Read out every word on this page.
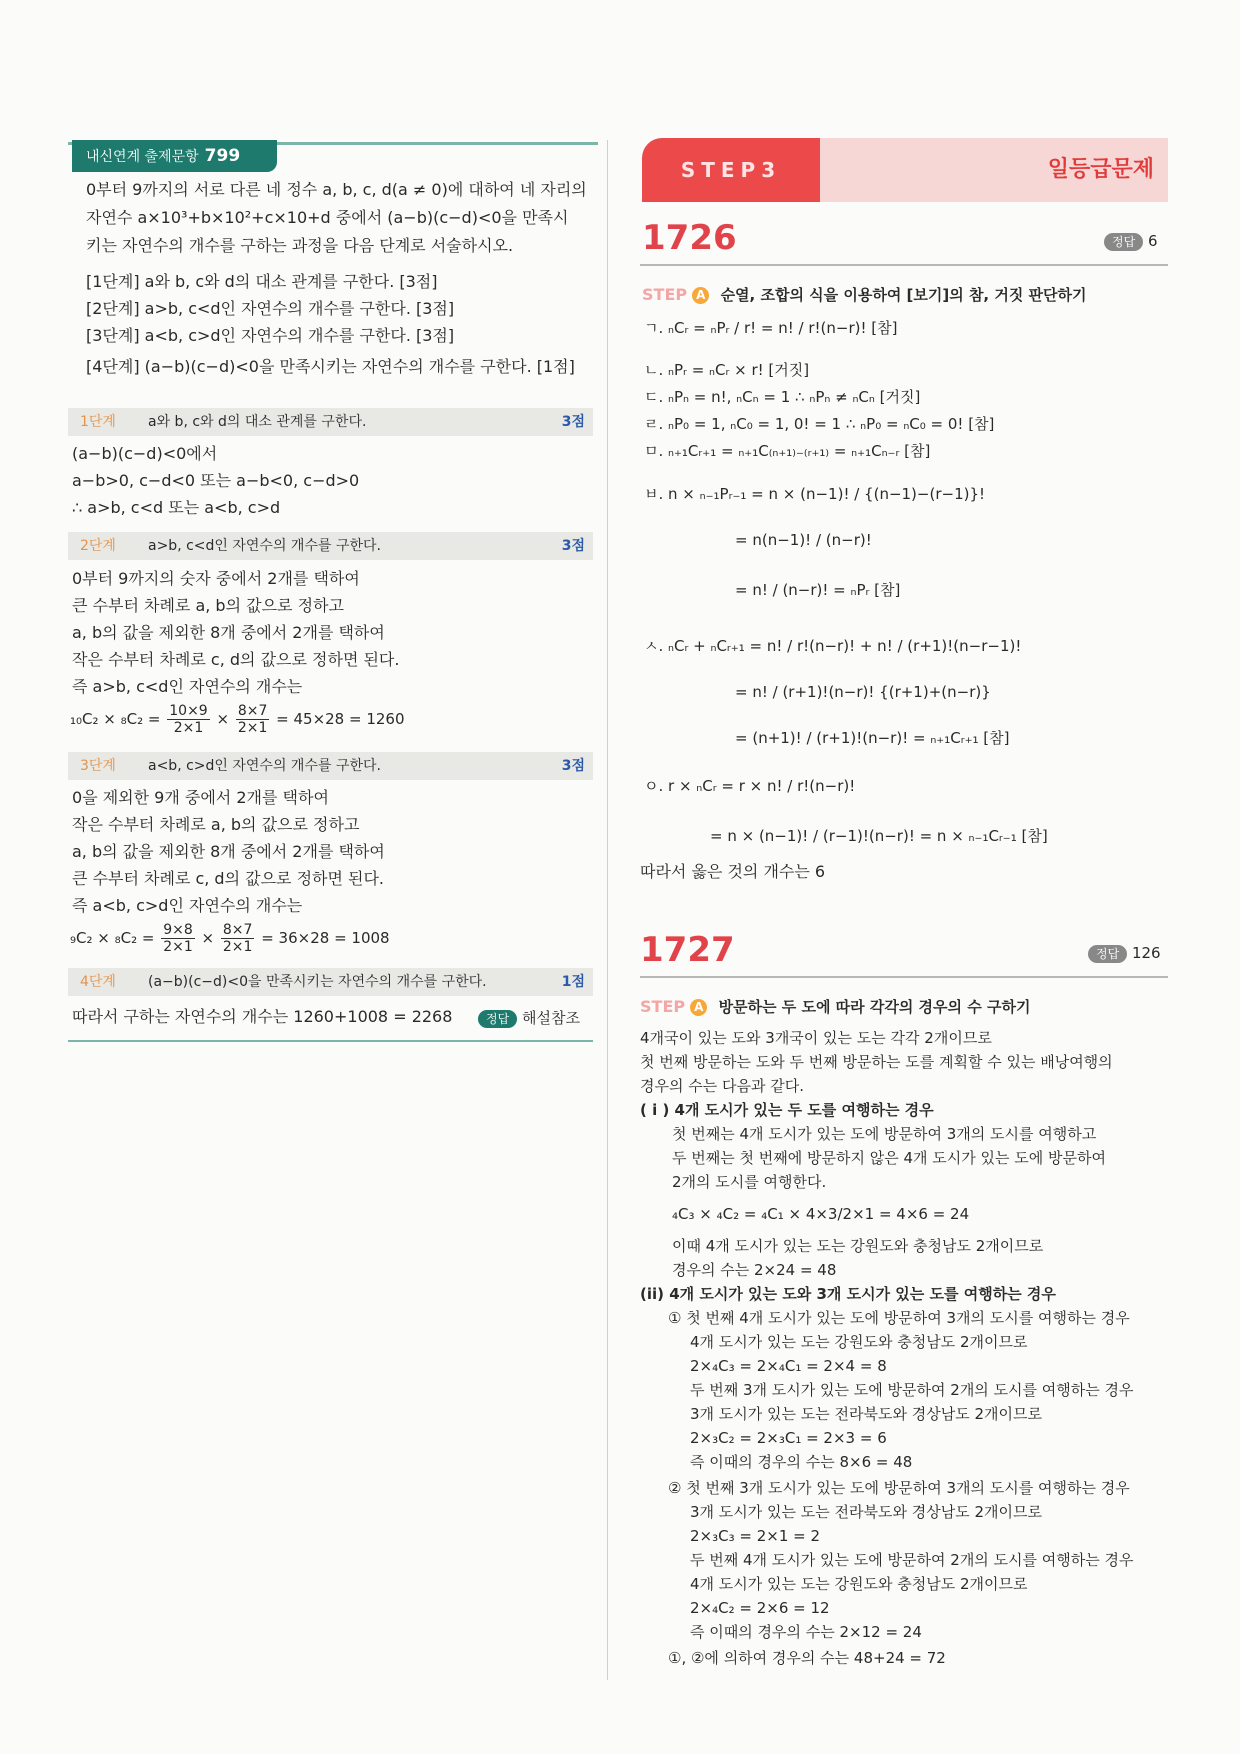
내신연계 출제문항 799
0부터 9까지의 서로 다른 네 정수 a, b, c, d(a ≠ 0)에 대하여 네 자리의
자연수 a×10³+b×10²+c×10+d 중에서 (a−b)(c−d)<0을 만족시
키는 자연수의 개수를 구하는 과정을 다음 단계로 서술하시오.
[1단계] a와 b, c와 d의 대소 관계를 구한다. [3점]
[2단계] a>b, c<d인 자연수의 개수를 구한다. [3점]
[3단계] a<b, c>d인 자연수의 개수를 구한다. [3점]
[4단계] (a−b)(c−d)<0을 만족시키는 자연수의 개수를 구한다. [1점]
1단계 a와 b, c와 d의 대소 관계를 구한다.	3점
(a−b)(c−d)<0에서
a−b>0, c−d<0 또는 a−b<0, c−d>0
∴ a>b, c<d 또는 a<b, c>d
2단계 a>b, c<d인 자연수의 개수를 구한다.	3점
0부터 9까지의 숫자 중에서 2개를 택하여
큰 수부터 차례로 a, b의 값으로 정하고
a, b의 값을 제외한 8개 중에서 2개를 택하여
작은 수부터 차례로 c, d의 값으로 정하면 된다.
즉 a>b, c<d인 자연수의 개수는
$_{10}C_2 \times _8C_2 = \frac{10\times 9}{2\times 1} \times \frac{8\times 7}{2\times 1} = 45\times 28 = 1260$
3단계 a<b, c>d인 자연수의 개수를 구한다.	3점
0을 제외한 9개 중에서 2개를 택하여
작은 수부터 차례로 a, b의 값으로 정하고
a, b의 값을 제외한 8개 중에서 2개를 택하여
큰 수부터 차례로 c, d의 값으로 정하면 된다.
즉 a<b, c>d인 자연수의 개수는
$_9C_2 \times _8C_2 = \frac{9\times 8}{2\times 1} \times \frac{8\times 7}{2\times 1} = 36\times 28 = 1008$
4단계 (a−b)(c−d)<0을 만족시키는 자연수의 개수를 구한다.	1점
따라서 구하는 자연수의 개수는 1260+1008 = 2268	정답 해설참조
STEP3	일등급문제
1726	정답 6
STEP A 순열, 조합의 식을 이용하여 [보기]의 참, 거짓 판단하기
ㄱ. ₙCᵣ = ₙPᵣ / r! = n! / r!(n−r)! [참]
ㄴ. ₙPᵣ = ₙCᵣ × r! [거짓]
ㄷ. ₙPₙ = n!, ₙCₙ = 1 ∴ ₙPₙ ≠ ₙCₙ [거짓]
ㄹ. ₙP₀ = 1, ₙC₀ = 1, 0! = 1 ∴ ₙP₀ = ₙC₀ = 0! [참]
ㅁ. ₙ₊₁Cᵣ₊₁ = ₙ₊₁C₍ₙ₊₁₎₋₍ᵣ₊₁₎ = ₙ₊₁Cₙ₋ᵣ [참]
ㅂ. n × ₙ₋₁Pᵣ₋₁ = n × (n−1)! / {(n−1)−(r−1)}!
= n(n−1)! / (n−r)!
= n! / (n−r)! = ₙPᵣ [참]
ㅅ. ₙCᵣ + ₙCᵣ₊₁ = n! / r!(n−r)! + n! / (r+1)!(n−r−1)!
= n! / (r+1)!(n−r)! {(r+1)+(n−r)}
= (n+1)! / (r+1)!(n−r)! = ₙ₊₁Cᵣ₊₁ [참]
ㅇ. r × ₙCᵣ = r × n! / r!(n−r)!
= n × (n−1)! / (r−1)!(n−r)! = n × ₙ₋₁Cᵣ₋₁ [참]
따라서 옳은 것의 개수는 6
1727	정답 126
STEP A 방문하는 두 도에 따라 각각의 경우의 수 구하기
4개국이 있는 도와 3개국이 있는 도는 각각 2개이므로
첫 번째 방문하는 도와 두 번째 방문하는 도를 계획할 수 있는 배낭여행의
경우의 수는 다음과 같다.
( i ) 4개 도시가 있는 두 도를 여행하는 경우
첫 번째는 4개 도시가 있는 도에 방문하여 3개의 도시를 여행하고
두 번째는 첫 번째에 방문하지 않은 4개 도시가 있는 도에 방문하여
2개의 도시를 여행한다.
₄C₃ × ₄C₂ = ₄C₁ × 4×3/2×1 = 4×6 = 24
이때 4개 도시가 있는 도는 강원도와 충청남도 2개이므로
경우의 수는 2×24 = 48
(ii) 4개 도시가 있는 도와 3개 도시가 있는 도를 여행하는 경우
① 첫 번째 4개 도시가 있는 도에 방문하여 3개의 도시를 여행하는 경우
4개 도시가 있는 도는 강원도와 충청남도 2개이므로
2×₄C₃ = 2×₄C₁ = 2×4 = 8
두 번째 3개 도시가 있는 도에 방문하여 2개의 도시를 여행하는 경우
3개 도시가 있는 도는 전라북도와 경상남도 2개이므로
2×₃C₂ = 2×₃C₁ = 2×3 = 6
즉 이때의 경우의 수는 8×6 = 48
② 첫 번째 3개 도시가 있는 도에 방문하여 3개의 도시를 여행하는 경우
3개 도시가 있는 도는 전라북도와 경상남도 2개이므로
2×₃C₃ = 2×1 = 2
두 번째 4개 도시가 있는 도에 방문하여 2개의 도시를 여행하는 경우
4개 도시가 있는 도는 강원도와 충청남도 2개이므로
2×₄C₂ = 2×6 = 12
즉 이때의 경우의 수는 2×12 = 24
①, ②에 의하여 경우의 수는 48+24 = 72
